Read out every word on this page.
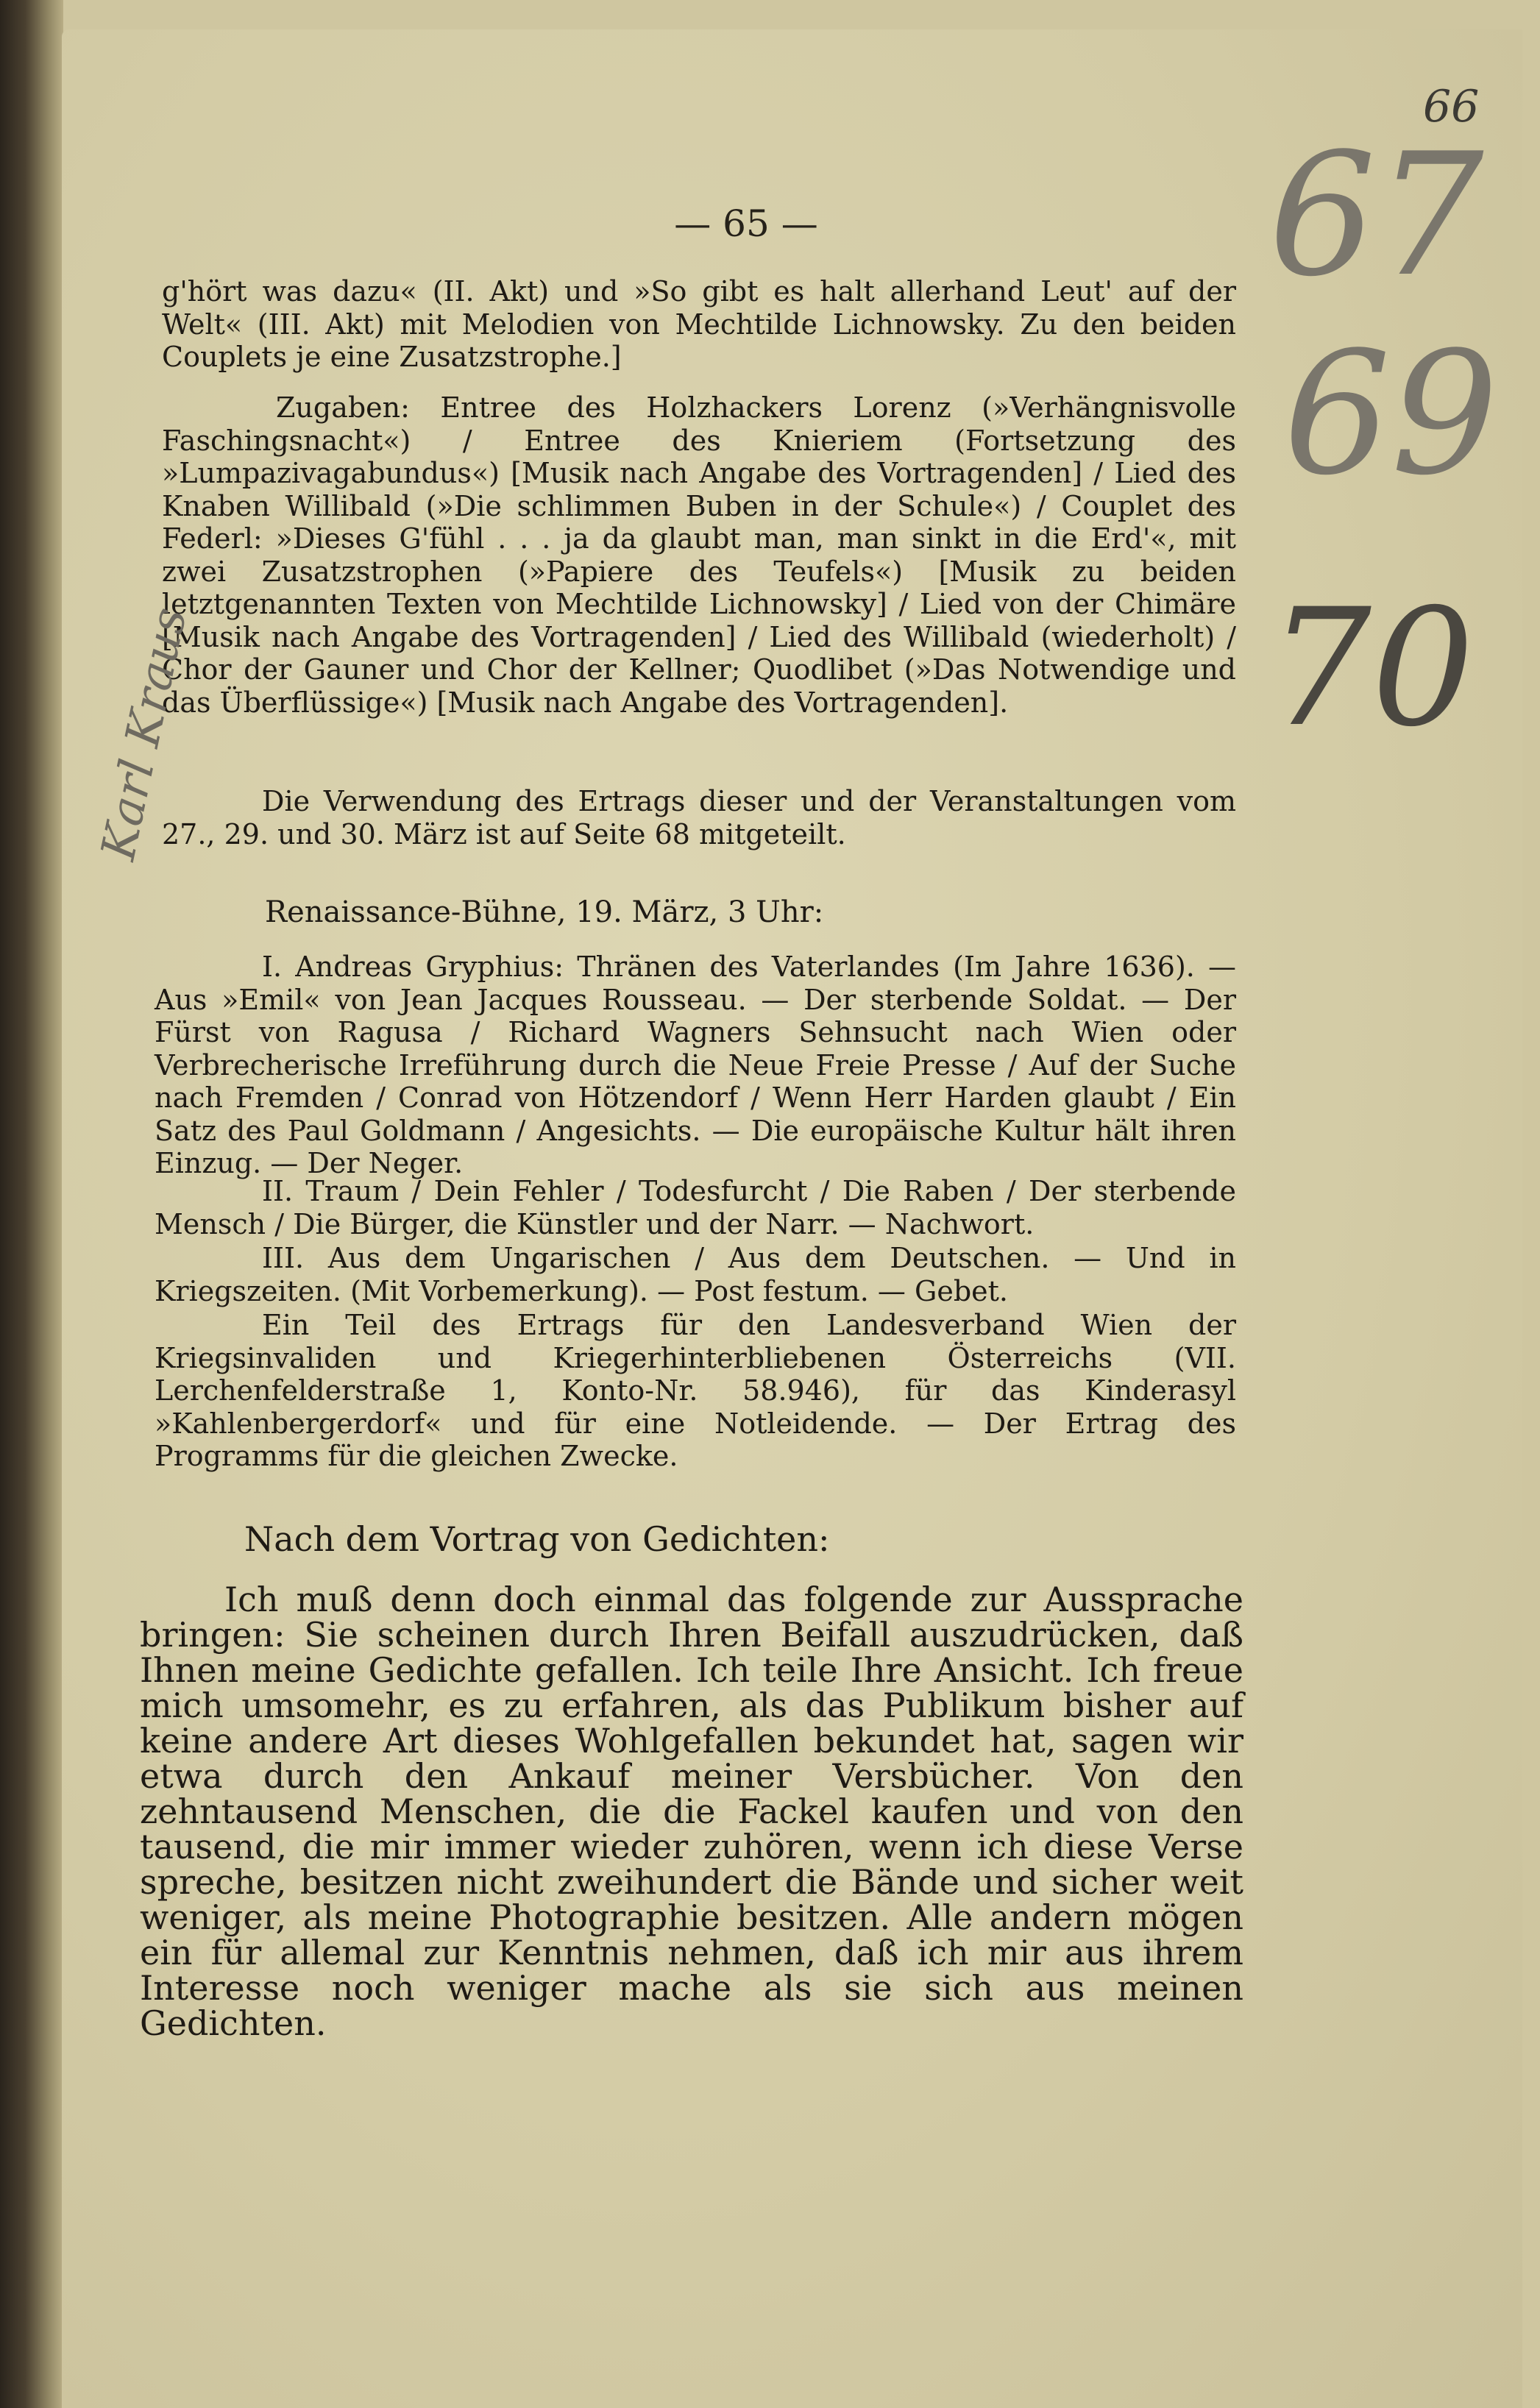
— 65 —

g'hört was dazu« (II. Akt) und »So gibt es halt allerhand Leut' auf der Welt« (III. Akt) mit Melodien von Mechtilde Lichnowsky. Zu den beiden Couplets je eine Zusatzstrophe.]

Zugaben: Entree des Holzhackers Lorenz (»Verhängnisvolle Faschingsnacht«) / Entree des Knieriem (Fortsetzung des »Lumpazivagabundus«) [Musik nach Angabe des Vortragenden] / Lied des Knaben Willibald (»Die schlimmen Buben in der Schule«) / Couplet des Federl: »Dieses G'fühl . . . ja da glaubt man, man sinkt in die Erd'«, mit zwei Zusatzstrophen (»Papiere des Teufels«) [Musik zu beiden letztgenannten Texten von Mechtilde Lichnowsky] / Lied von der Chimäre [Musik nach Angabe des Vortragenden] / Lied des Willibald (wiederholt) / Chor der Gauner und Chor der Kellner; Quodlibet (»Das Notwendige und das Überflüssige«) [Musik nach Angabe des Vortragenden].

Die Verwendung des Ertrags dieser und der Veranstaltungen vom 27., 29. und 30. März ist auf Seite 68 mitgeteilt.

Renaissance-Bühne, 19. März, 3 Uhr:

I. Andreas Gryphius: Thränen des Vaterlandes (Im Jahre 1636). — Aus »Emil« von Jean Jacques Rousseau. — Der sterbende Soldat. — Der Fürst von Ragusa / Richard Wagners Sehnsucht nach Wien oder Verbrecherische Irreführung durch die Neue Freie Presse / Auf der Suche nach Fremden / Conrad von Hötzendorf / Wenn Herr Harden glaubt / Ein Satz des Paul Goldmann / Angesichts. — Die europäische Kultur hält ihren Einzug. — Der Neger.

II. Traum / Dein Fehler / Todesfurcht / Die Raben / Der sterbende Mensch / Die Bürger, die Künstler und der Narr. — Nachwort.

III. Aus dem Ungarischen / Aus dem Deutschen. — Und in Kriegszeiten. (Mit Vorbemerkung). — Post festum. — Gebet.

Ein Teil des Ertrags für den Landesverband Wien der Kriegsinvaliden und Kriegerhinterbliebenen Österreichs (VII. Lerchenfelderstraße 1, Konto-Nr. 58.946), für das Kinderasyl »Kahlenbergerdorf« und für eine Notleidende. — Der Ertrag des Programms für die gleichen Zwecke.

Nach dem Vortrag von Gedichten:

Ich muß denn doch einmal das folgende zur Aussprache bringen: Sie scheinen durch Ihren Beifall auszudrücken, daß Ihnen meine Gedichte gefallen. Ich teile Ihre Ansicht. Ich freue mich umsomehr, es zu erfahren, als das Publikum bisher auf keine andere Art dieses Wohlgefallen bekundet hat, sagen wir etwa durch den Ankauf meiner Versbücher. Von den zehntausend Menschen, die die Fackel kaufen und von den tausend, die mir immer wieder zuhören, wenn ich diese Verse spreche, besitzen nicht zweihundert die Bände und sicher weit weniger, als meine Photographie besitzen. Alle andern mögen ein für allemal zur Kenntnis nehmen, daß ich mir aus ihrem Interesse noch weniger mache als sie sich aus meinen Gedichten.

66
67
69
70
Karl Kraus
